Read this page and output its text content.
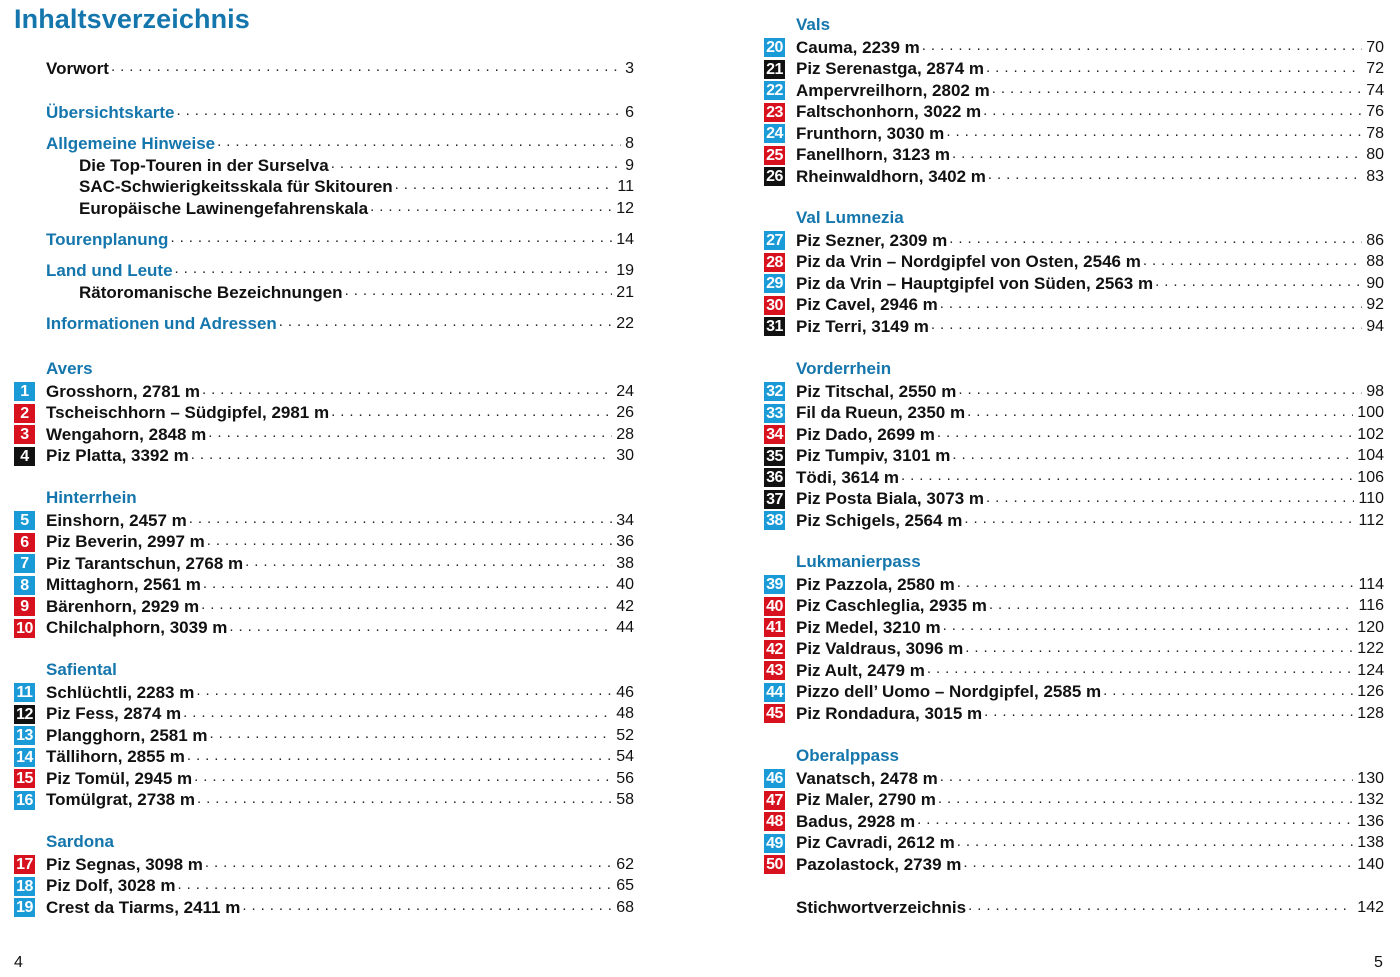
Inhaltsverzeichnis
Vorwort . . .	3
Übersichtskarte . . .	6
Allgemeine Hinweise . . .	8
Die Top-Touren in der Surselva . . .	9
SAC-Schwierigkeitsskala für Skitouren . . .	11
Europäische Lawinengefahrenskala . . .	12
Tourenplanung . . .	14
Land und Leute . . .	19
Rätoromanische Bezeichnungen . . .	21
Informationen und Adressen . . .	22
Avers
1	Grosshorn, 2781 m . . .	24
2	Tscheischhorn – Südgipfel, 2981 m . . .	26
3	Wengahorn, 2848 m . . .	28
4	Piz Platta, 3392 m . . .	30
Hinterrhein
5	Einshorn, 2457 m . . .	34
6	Piz Beverin, 2997 m . . .	36
7	Piz Tarantschun, 2768 m . . .	38
8	Mittaghorn, 2561 m . . .	40
9	Bärenhorn, 2929 m . . .	42
10 Chilchalphorn, 3039 m . . .	44
Safiental
11 Schlüchtli, 2283 m . . .	46
12 Piz Fess, 2874 m . . .	48
13 Plangghorn, 2581 m . . .	52
14 Tällihorn, 2855 m . . .	54
15 Piz Tomül, 2945 m . . .	56
16 Tomülgrat, 2738 m . . .	58
Sardona
17 Piz Segnas, 3098 m . . .	62
18 Piz Dolf, 3028 m . . .	65
19 Crest da Tiarms, 2411 m . . .	68
4
Vals
20 Cauma, 2239 m . . .	70
21 Piz Serenastga, 2874 m . . .	72
22 Ampervreilhorn, 2802 m . . .	74
23 Faltschonhorn, 3022 m . . .	76
24 Frunthorn, 3030 m . . .	78
25 Fanellhorn, 3123 m . . .	80
26 Rheinwaldhorn, 3402 m . . .	83
Val Lumnezia
27 Piz Sezner, 2309 m . . .	86
28 Piz da Vrin – Nordgipfel von Osten, 2546 m . . .	88
29 Piz da Vrin – Hauptgipfel von Süden, 2563 m . . .	90
30 Piz Cavel, 2946 m . . .	92
31 Piz Terri, 3149 m . . .	94
Vorderrhein
32 Piz Titschal, 2550 m . . .	98
33 Fil da Rueun, 2350 m . . .	100
34 Piz Dado, 2699 m . . .	102
35 Piz Tumpiv, 3101 m . . .	104
36 Tödi, 3614 m . . .	106
37 Piz Posta Biala, 3073 m . . .	110
38 Piz Schigels, 2564 m . . .	112
Lukmanierpass
39 Piz Pazzola, 2580 m . . .	114
40 Piz Caschleglia, 2935 m . . .	116
41 Piz Medel, 3210 m . . .	120
42 Piz Valdraus, 3096 m . . .	122
43 Piz Ault, 2479 m . . .	124
44 Pizzo dell’ Uomo – Nordgipfel, 2585 m . . .	126
45 Piz Rondadura, 3015 m . . .	128
Oberalppass
46 Vanatsch, 2478 m . . .	130
47 Piz Maler, 2790 m . . .	132
48 Badus, 2928 m . . .	136
49 Piz Cavradi, 2612 m . . .	138
50 Pazolastock, 2739 m . . .	140
Stichwortverzeichnis . . .	142
5
